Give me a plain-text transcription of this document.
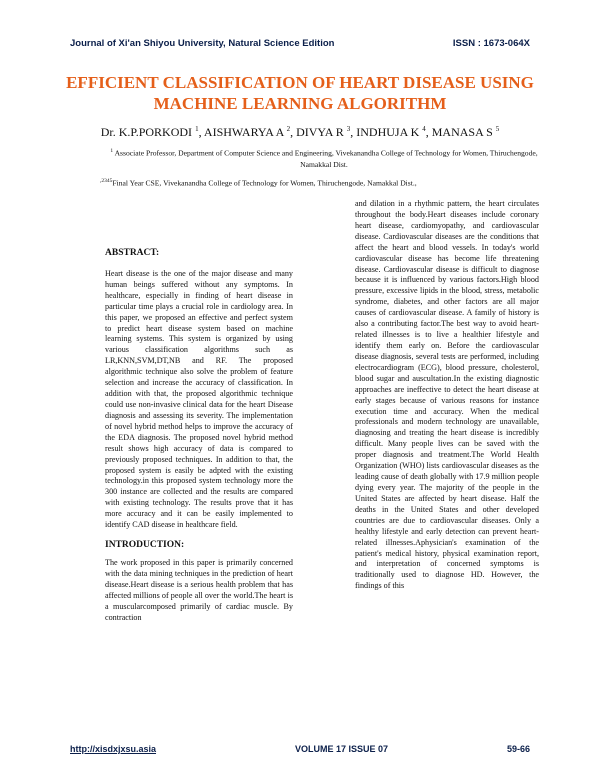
Journal of Xi'an Shiyou University, Natural Science Edition	ISSN : 1673-064X
EFFICIENT CLASSIFICATION OF HEART DISEASE USING
MACHINE LEARNING ALGORITHM
Dr. K.P.PORKODI $^1$, AISHWARYA A $^2$, DIVYA R $^3$, INDHUJA K $^4$, MANASA S $^5$
$^1$ Associate Professor, Department of Computer Science and Engineering, Vivekanandha College of Technology for Women, Thiruchengode, Namakkal Dist.
$^{,2345}$Final Year CSE, Vivekanandha College of Technology for Women, Thiruchengode, Namakkal Dist.,
ABSTRACT:

Heart disease is the one of the major disease and many human beings suffered without any symptoms. In healthcare, especially in finding of heart disease in particular time plays a crucial role in cardiology area. In this paper, we proposed an effective and perfect system to predict heart disease system based on machine learning systems. This system is organized by using various classification algorithms such as LR,KNN,SVM,DT,NB and RF. The proposed algorithmic technique also solve the problem of feature selection and increase the accuracy of classification. In addition with that, the proposed algorithmic technique could use non-invasive clinical data for the heart Disease diagnosis and assessing its severity. The implementation of novel hybrid method helps to improve the accuracy of the EDA diagnosis. The proposed novel hybrid method result shows high accuracy of data is compared to previously proposed techniques. In addition to that, the proposed system is easily be adpted with the existing technology.in this proposed system technology more the 300 instance are collected and the results are compared with existing technology. The results prove that it has more accuracy and it can be easily implemented to identify CAD disease in healthcare field.

INTRODUCTION:

The work proposed in this paper is primarily concerned with the data mining techniques in the prediction of heart disease.Heart disease is a serious health problem that has affected millions of people all over the world.The heart is a muscularcomposed primarily of cardiac muscle. By contraction

and dilation in a rhythmic pattern, the heart circulates throughout the body.Heart diseases include coronary heart disease, cardiomyopathy, and cardiovascular disease. Cardiovascular diseases are the conditions that affect the heart and blood vessels. In today's world cardiovascular disease has become life threatening disease. Cardiovascular disease is difficult to diagnose because it is influenced by various factors.High blood pressure, excessive lipids in the blood, stress, metabolic syndrome, diabetes, and other factors are all major causes of cardiovascular disease. A family of history is also a contributing factor.The best way to avoid heart-related illnesses is to live a healthier lifestyle and identify them early on. Before the cardiovascular disease diagnosis, several tests are performed, including electrocardiogram (ECG), blood pressure, cholesterol, blood sugar and auscultation.In the existing diagnostic approaches are ineffective to detect the heart disease at early stages because of various reasons for instance execution time and accuracy. When the medical professionals and modern technology are unavailable, diagnosing and treating the heart disease is incredibly difficult. Many people lives can be saved with the proper diagnosis and treatment.The World Health Organization (WHO) lists cardiovascular diseases as the leading cause of death globally with 17.9 million people dying every year. The majority of the people in the United States are affected by heart disease. Half the deaths in the United States and other developed countries are due to cardiovascular diseases. Only a healthy lifestyle and early detection can prevent heart-related illnesses.Aphysician's examination of the patient's medical history, physical examination report, and interpretation of concerned symptoms is traditionally used to diagnose HD. However, the findings of this

http://xisdxjxsu.asia	VOLUME 17 ISSUE 07	59-66
